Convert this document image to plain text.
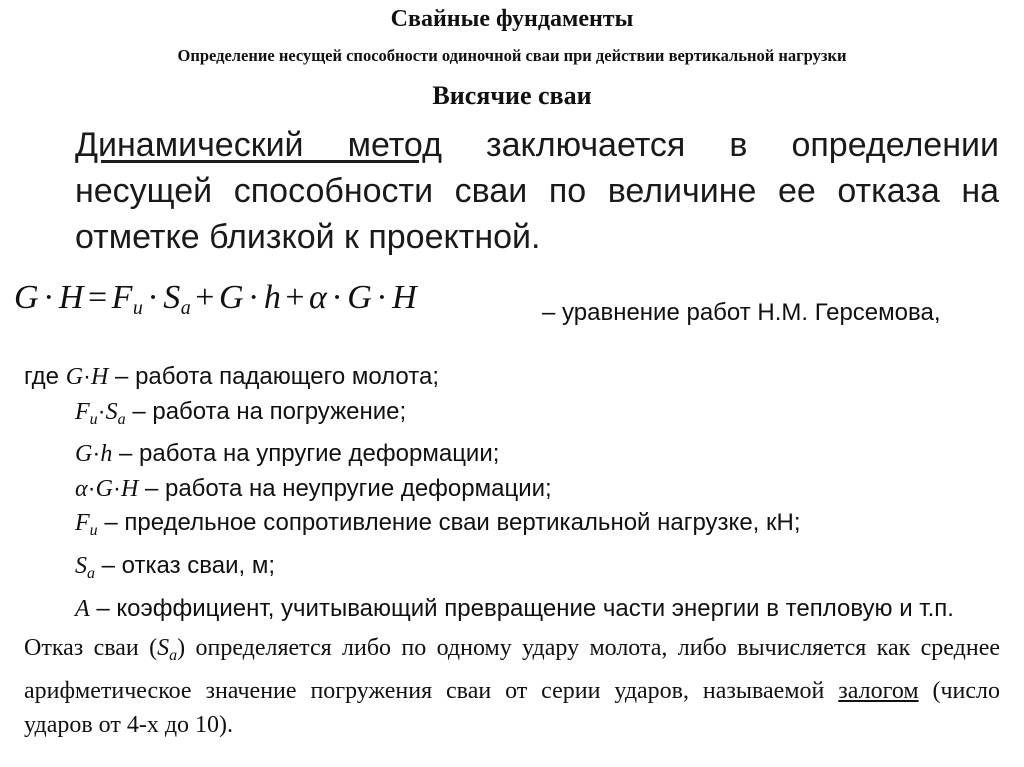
Свайные фундаменты
Определение несущей способности одиночной сваи при действии вертикальной нагрузки
Висячие сваи

Динамический метод заключается в определении несущей способности сваи по величине ее отказа на отметке близкой к проектной.

$G \cdot H = F_u \cdot S_a + G \cdot h + \alpha \cdot G \cdot H$	– уравнение работ Н.М. Герсемова,
где G·H – работа падающего молота;
$F_u\cdot S_a$ – работа на погружение;
G·h – работа на упругие деформации;
α·G·H – работа на неупругие деформации;
$F_u$ – предельное сопротивление сваи вертикальной нагрузке, кН;
$S_a$ – отказ сваи, м;
A – коэффициент, учитывающий превращение части энергии в тепловую и т.п.

Отказ сваи $(S_a)$ определяется либо по одному удару молота, либо вычисляется как среднее арифметическое значение погружения сваи от серии ударов, называемой залогом (число ударов от 4-х до 10).
